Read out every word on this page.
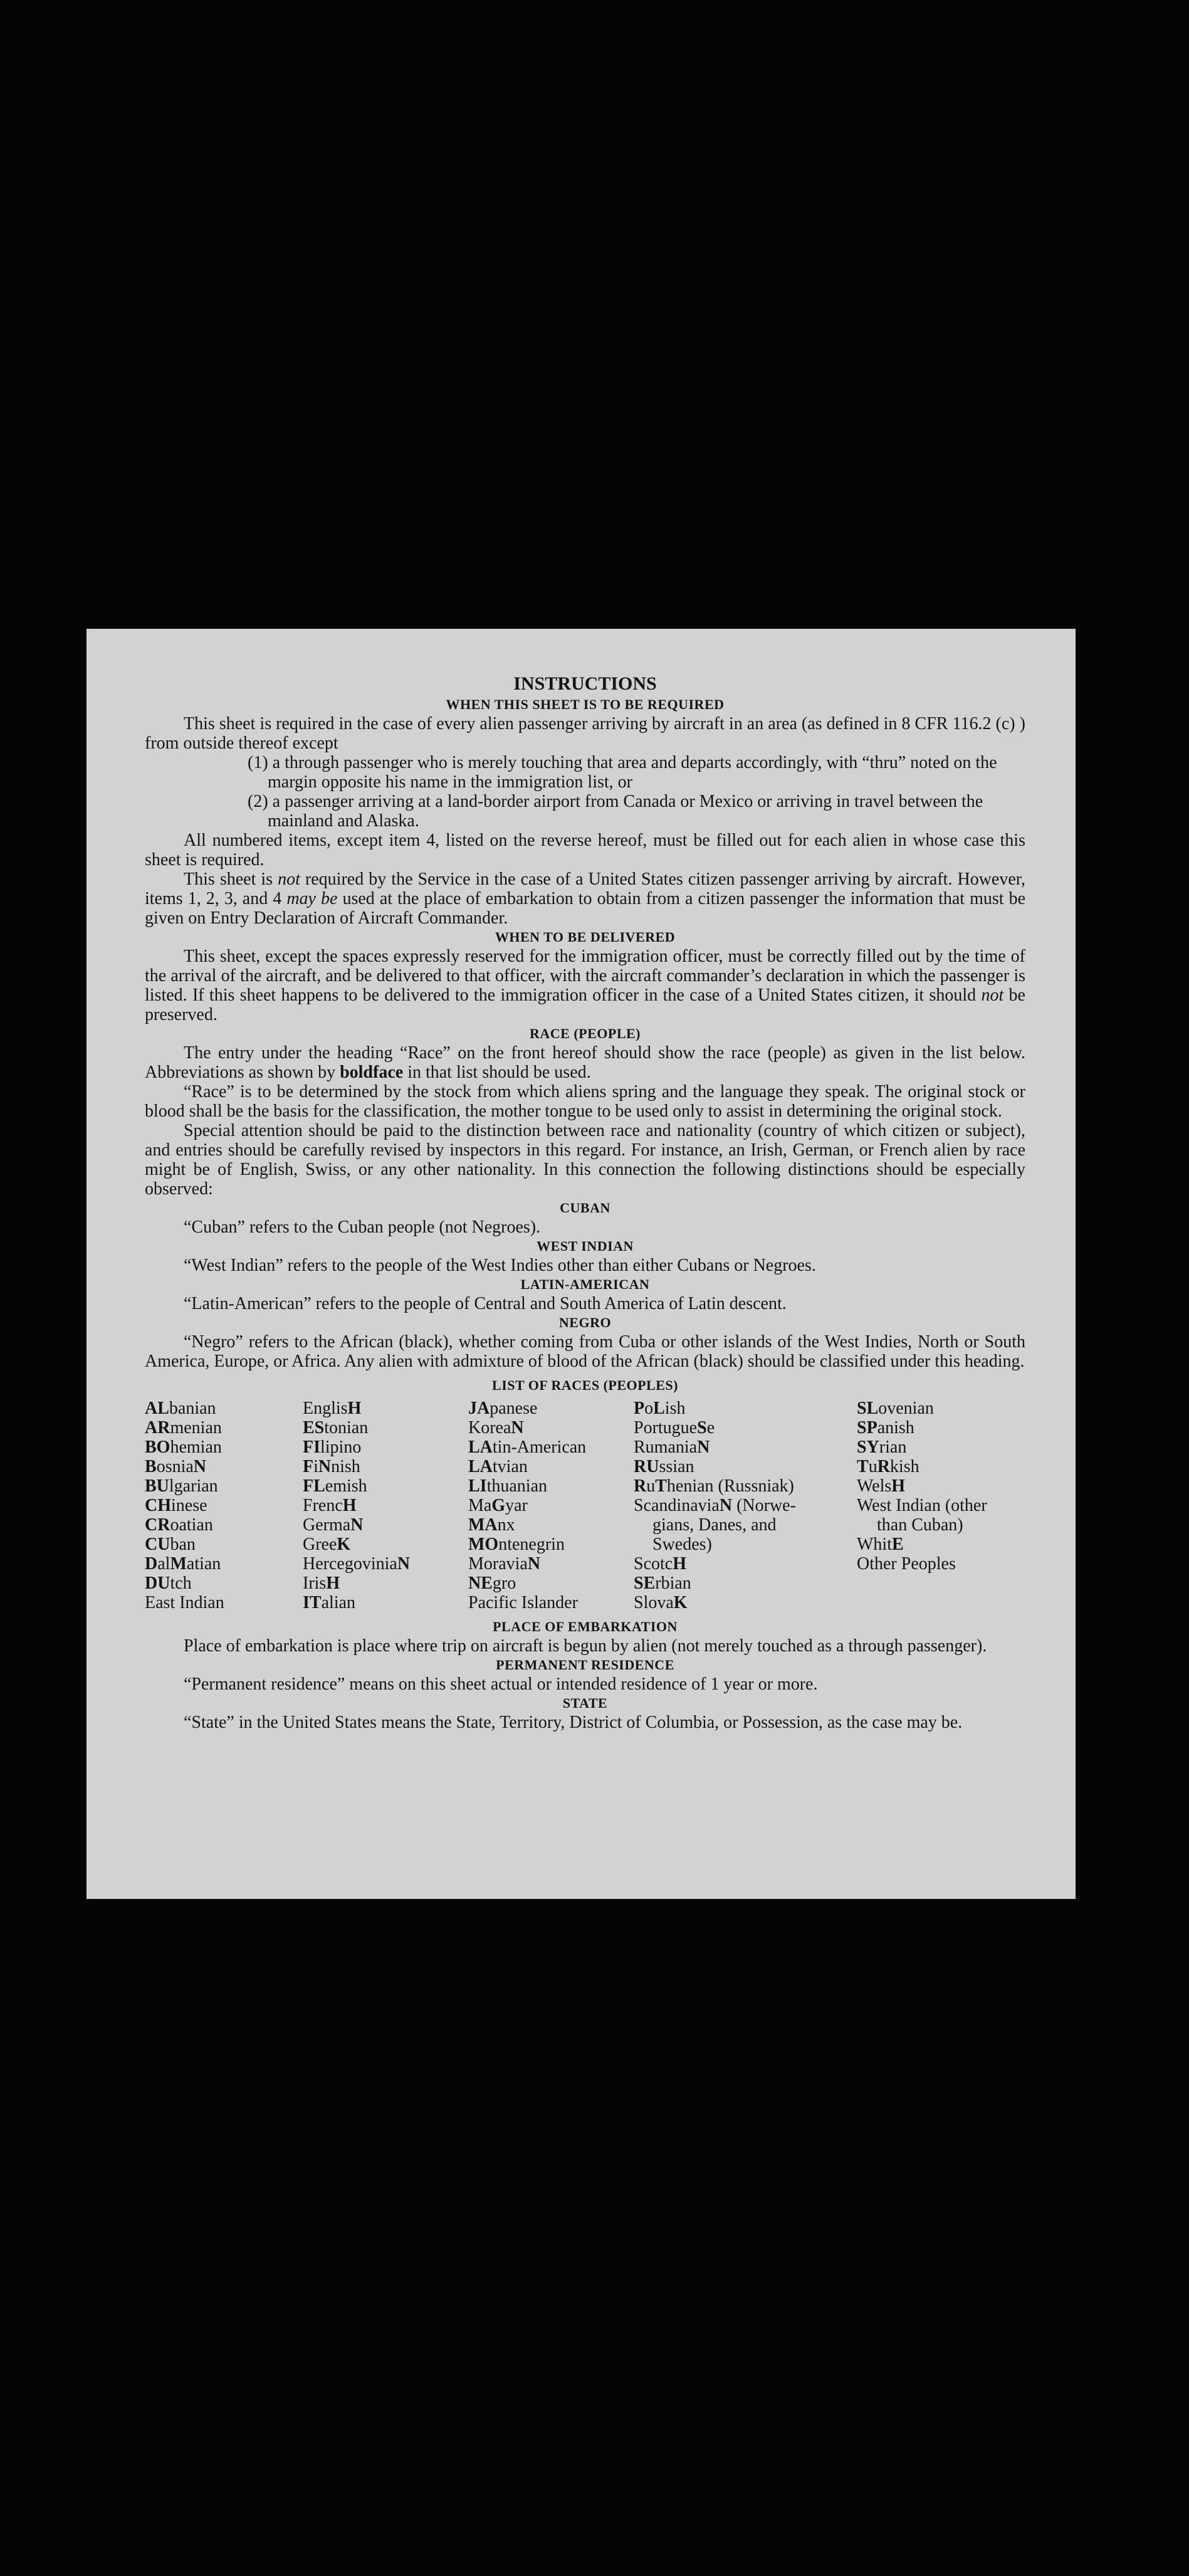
INSTRUCTIONS
WHEN THIS SHEET IS TO BE REQUIRED

This sheet is required in the case of every alien passenger arriving by aircraft in an area (as defined in 8 CFR 116.2 (c) ) from outside thereof except

(1) a through passenger who is merely touching that area and departs accordingly, with “thru” noted on the margin opposite his name in the immigration list, or
(2) a passenger arriving at a land-border airport from Canada or Mexico or arriving in travel between the mainland and Alaska.

All numbered items, except item 4, listed on the reverse hereof, must be filled out for each alien in whose case this sheet is required.

This sheet is not required by the Service in the case of a United States citizen passenger arriving by aircraft. However, items 1, 2, 3, and 4 may be used at the place of embarkation to obtain from a citizen passenger the information that must be given on Entry Declaration of Aircraft Commander.

WHEN TO BE DELIVERED

This sheet, except the spaces expressly reserved for the immigration officer, must be correctly filled out by the time of the arrival of the aircraft, and be delivered to that officer, with the aircraft commander’s declaration in which the passenger is listed. If this sheet happens to be delivered to the immigration officer in the case of a United States citizen, it should not be preserved.

RACE (PEOPLE)

The entry under the heading “Race” on the front hereof should show the race (people) as given in the list below. Abbreviations as shown by boldface in that list should be used.

“Race” is to be determined by the stock from which aliens spring and the language they speak. The original stock or blood shall be the basis for the classification, the mother tongue to be used only to assist in determining the original stock.

Special attention should be paid to the distinction between race and nationality (country of which citizen or subject), and entries should be carefully revised by inspectors in this regard. For instance, an Irish, German, or French alien by race might be of English, Swiss, or any other nationality. In this connection the following distinctions should be especially observed:

CUBAN

“Cuban” refers to the Cuban people (not Negroes).

WEST INDIAN

“West Indian” refers to the people of the West Indies other than either Cubans or Negroes.

LATIN-AMERICAN

“Latin-American” refers to the people of Central and South America of Latin descent.

NEGRO

“Negro” refers to the African (black), whether coming from Cuba or other islands of the West Indies, North or South America, Europe, or Africa. Any alien with admixture of blood of the African (black) should be classified under this heading.

LIST OF RACES (PEOPLES)
ALbanian
ARmenian
BOhemian
BosniaN
BUlgarian
CHinese
CRoatian
CUban
DalMatian
DUtch
East Indian
EnglisH
EStonian
FIlipino
FiNnish
FLemish
FrencH
GermaN
GreeK
HercegoviniaN
IrisH
ITalian
JApanese
KoreaN
LAtin-American
LAtvian
LIthuanian
MaGyar
MAnx
MOntenegrin
MoraviaN
NEgro
Pacific Islander
PoLish
PortugueSe
RumaniaN
RUssian
RuThenian (Russniak)
ScandinaviaN (Norwe-
gians, Danes, and
Swedes)
ScotcH
SErbian
SlovaK
SLovenian
SPanish
SYrian
TuRkish
WelsH
West Indian (other
than Cuban)
WhitE
Other Peoples
PLACE OF EMBARKATION

Place of embarkation is place where trip on aircraft is begun by alien (not merely touched as a through passenger).

PERMANENT RESIDENCE

“Permanent residence” means on this sheet actual or intended residence of 1 year or more.

STATE

“State” in the United States means the State, Territory, District of Columbia, or Possession, as the case may be.
